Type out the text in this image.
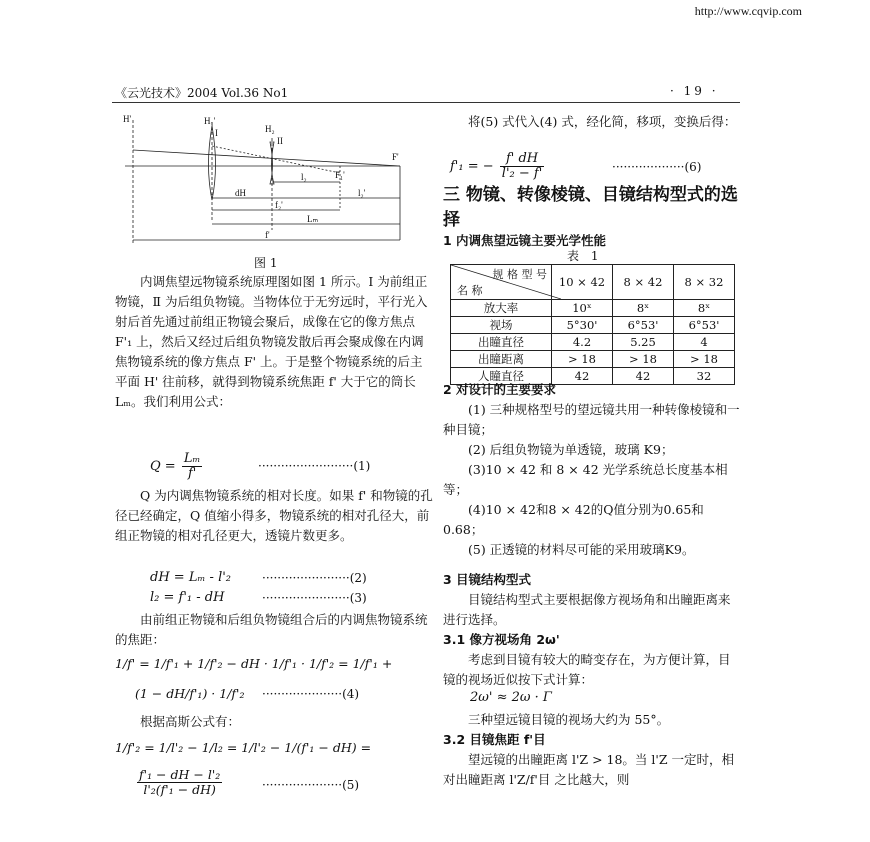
http://www.cqvip.com
《云光技术》2004 Vol.36 No1	· 19 ·
H'	H₁'
I	H₂
II
F'
F₁'
l₂
l₂'
dH
f₂'
Lₘ
f'
图 1

内调焦望远物镜系统原理图如图 1 所示。Ⅰ 为前组正物镜，Ⅱ 为后组负物镜。当物体位于无穷远时，平行光入射后首先通过前组正物镜会聚后，成像在它的像方焦点 F'₁ 上，然后又经过后组负物镜发散后再会聚成像在内调焦物镜系统的像方焦点 F' 上。于是整个物镜系统的后主平面 H' 往前移，就得到物镜系统焦距 f' 大于它的筒长 Lₘ。我们利用公式：

$Q = \frac{\text{Lₘ}}{f'}$	·························(1)

Q 为内调焦物镜系统的相对长度。如果 f' 和物镜的孔径已经确定，Q 值缩小得多，物镜系统的相对孔径大，前组正物镜的相对孔径更大，透镜片数更多。

dH = Lₘ - l'₂	·······················(2)
l₂ = f'₁ - dH	·······················(3)

由前组正物镜和后组负物镜组合后的内调焦物镜系统的焦距：

1/f' = 1/f'₁ + 1/f'₂ − dH · 1/f'₁ · 1/f'₂ = 1/f'₁ +
(1 − dH/f'₁) · 1/f'₂ ·····················(4)

根据高斯公式有：

1/f'₂ = 1/l'₂ − 1/l₂ = 1/l'₂ − 1/(f'₁ − dH) =
$\frac{\text{f'₁ − dH − l'₂}}{\text{l'₂(f'₁ − dH)}}$	·····················(5)

将(5) 式代入(4) 式，经化简，移项，变换后得：

f'₁ = − $\frac{f' dH}{\text{l'₂ − f'}}$	···················(6)
三 物镜、转像棱镜、目镜结构型式的选择
1 内调焦望远镜主要光学性能
表 1
规 格 型 号
名 称	10 × 42	8 × 42	8 × 32
放大率	10ˣ	8ˣ	8ˣ
视场	5°30'	6°53'	6°53'
出瞳直径	4.2	5.25	4
出瞳距离	> 18	> 18	> 18
人瞳直径	42	42	32
2 对设计的主要要求

(1) 三种规格型号的望远镜共用一种转像棱镜和一种目镜；

(2) 后组负物镜为单透镜，玻璃 K9；

(3)10 × 42 和 8 × 42 光学系统总长度基本相等；

(4)10 × 42和8 × 42的Q值分别为0.65和 0.68；

(5) 正透镜的材料尽可能的采用玻璃K9。

3 目镜结构型式

目镜结构型式主要根据像方视场角和出瞳距离来进行选择。

3.1 像方视场角 2ω'

考虑到目镜有较大的畸变存在，为方便计算，目镜的视场近似按下式计算：

2ω' ≈ 2ω · Γ

三种望远镜目镜的视场大约为 55°。

3.2 目镜焦距 f'目

望远镜的出瞳距离 l'Z > 18。当 l'Z 一定时，相对出瞳距离 l'Z/f'目 之比越大，则
